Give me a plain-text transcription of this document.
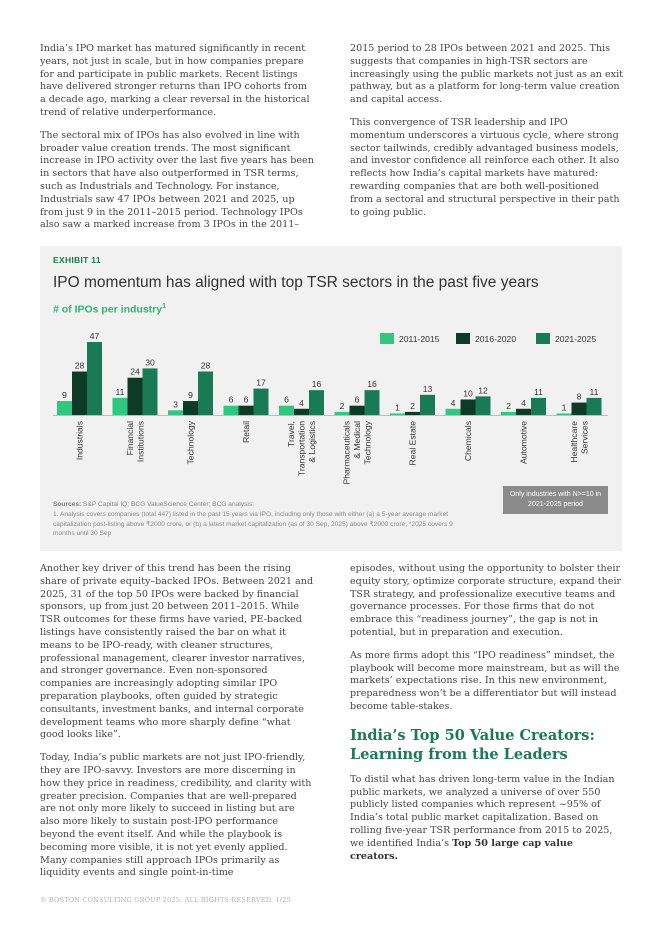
India’s IPO market has matured significantly in recent years, not just in scale, but in how companies prepare for and participate in public markets. Recent listings have delivered stronger returns than IPO cohorts from a decade ago, marking a clear reversal in the historical trend of relative underperformance.

The sectoral mix of IPOs has also evolved in line with broader value creation trends. The most significant increase in IPO activity over the last five years has been in sectors that have also outperformed in TSR terms, such as Industrials and Technology. For instance, Industrials saw 47 IPOs between 2021 and 2025, up from just 9 in the 2011–2015 period. Technology IPOs also saw a marked increase from 3 IPOs in the 2011–

2015 period to 28 IPOs between 2021 and 2025. This suggests that companies in high-TSR sectors are increasingly using the public markets not just as an exit pathway, but as a platform for long-term value creation and capital access.

This convergence of TSR leadership and IPO momentum underscores a virtuous cycle, where strong sector tailwinds, credibly advantaged business models, and investor confidence all reinforce each other. It also reflects how India’s capital markets have matured: rewarding companies that are both well-positioned from a sectoral and structural perspective in their path to going public.

9
28
47
Industrials
11
24
30
Financial Institutions
3
9
28
Technology
6 6
17
Retail
6 4
16
Travel, Transportation & Logistics
2
6
16
Pharmaceuticals & Medical Technology
1 2
13
Real Estate
4
10 12
Chemicals
2 4
11
Automotive
1
8 11
Healthcare Services
2011-2015	2016-2020	2021-2025
EXHIBIT 11
IPO momentum has aligned with top TSR sectors in the past five years
# of IPOs per industry$^1$
Sources: S&P Capital IQ; BCG ValueScience Center; BCG analysis;
1. Analysis covers companies (total 447) listed in the past 15 years via IPO, including only those with either (a) a 5-year average market capitalization post-listing above ₹2000 crore, or (b) a latest market capitalization (as of 30 Sep, 2025) above ₹2000 crore; *2025 covers 9 months until 30 Sep
Only industries with N>=10 in 2021-2025 period

Another key driver of this trend has been the rising share of private equity–backed IPOs. Between 2021 and 2025, 31 of the top 50 IPOs were backed by financial sponsors, up from just 20 between 2011–2015. While TSR outcomes for these firms have varied, PE-backed listings have consistently raised the bar on what it means to be IPO-ready, with cleaner structures, professional management, clearer investor narratives, and stronger governance. Even non-sponsored companies are increasingly adopting similar IPO preparation playbooks, often guided by strategic consultants, investment banks, and internal corporate development teams who more sharply define “what good looks like”.

Today, India’s public markets are not just IPO-friendly, they are IPO-savvy. Investors are more discerning in how they price in readiness, credibility, and clarity with greater precision. Companies that are well-prepared are not only more likely to succeed in listing but are also more likely to sustain post-IPO performance beyond the event itself. And while the playbook is becoming more visible, it is not yet evenly applied. Many companies still approach IPOs primarily as liquidity events and single point-in-time

episodes, without using the opportunity to bolster their equity story, optimize corporate structure, expand their TSR strategy, and professionalize executive teams and governance processes. For those firms that do not embrace this “readiness journey”, the gap is not in potential, but in preparation and execution.

As more firms adopt this “IPO readiness” mindset, the playbook will become more mainstream, but as will the markets’ expectations rise. In this new environment, preparedness won’t be a differentiator but will instead become table-stakes.

India’s Top 50 Value Creators: Learning from the Leaders

To distil what has driven long-term value in the Indian public markets, we analyzed a universe of over 550 publicly listed companies which represent ~95% of India’s total public market capitalization. Based on rolling five-year TSR performance from 2015 to 2025, we identified India’s Top 50 large cap value creators.

© BOSTON CONSULTING GROUP 2025. ALL RIGHTS RESERVED. 1/25
